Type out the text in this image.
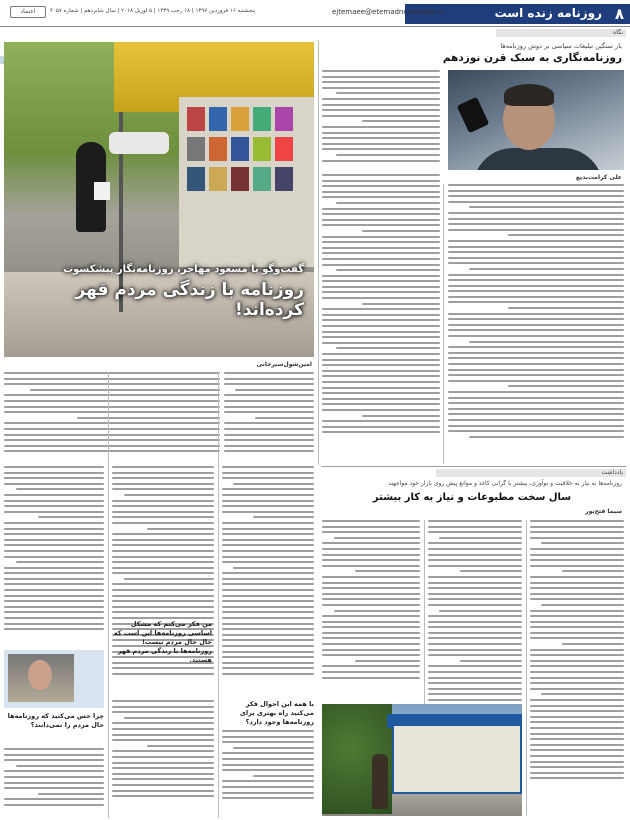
۸
روزنامه زنده است
ejtemaee@etemadnewspaper.ir
پنجشنبه ۱۶ فروردین ۱۳۹۷ | ۱۸ رجب ۱۴۳۹ | ۵ آوریل ۲۰۱۸ | سال شانزدهم | شماره ۴۰۵۷
اعتماد
نگاه
بار سنگین تبلیغات سیاسی بر دوش روزنامه‌ها
روزنامه‌نگاری به سبک قرن نوزدهم
علی کرامت‌بدیع
گفت‌وگو با مسعود مهاجر، روزنامه‌نگار پیشکسوت
روزنامه با زندگی مردم قهر کرده‌اند!
امین‌شول‌سیرجانی
من فکر می‌کنم که مشکل اساسی روزنامه‌ها این است که حال‌ حال مردم نیست! روزنامه‌ها با زندگی مردم قهر هستند.
چرا حس می‌کنید که روزنامه‌ها حال مردم را نمی‌دانند؟
با همه این احوال فکر می‌کنید راه بهتری برای روزنامه‌ها وجود دارد؟
یادداشت
روزنامه‌ها به نیاز به خلاقیت و نوآوری، بیشتر با گرانی کاغذ و موانع پیش روی بازار خود مواجهند
سال سخت مطبوعات و نیاز به کار بیشتر
سیما فتح‌پور
